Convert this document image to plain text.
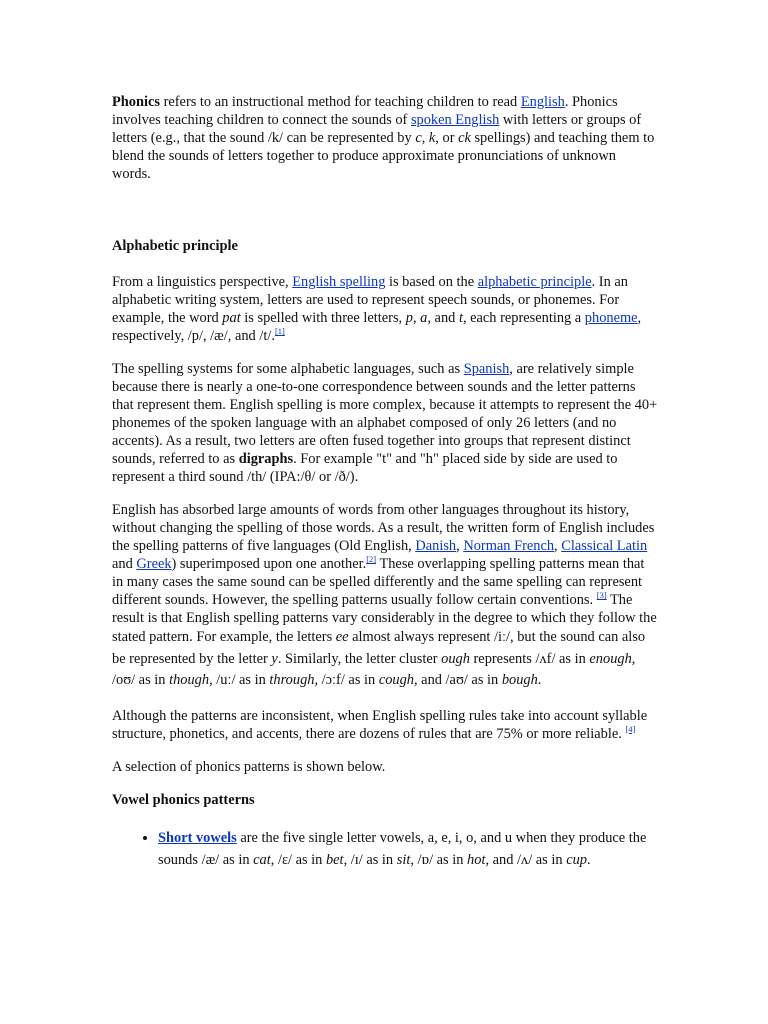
Phonics refers to an instructional method for teaching children to read English. Phonics involves teaching children to connect the sounds of spoken English with letters or groups of letters (e.g., that the sound /k/ can be represented by c, k, or ck spellings) and teaching them to blend the sounds of letters together to produce approximate pronunciations of unknown words.

Alphabetic principle

From a linguistics perspective, English spelling is based on the alphabetic principle. In an alphabetic writing system, letters are used to represent speech sounds, or phonemes. For example, the word pat is spelled with three letters, p, a, and t, each representing a phoneme, respectively, /p/, /æ/, and /t/.[1]

The spelling systems for some alphabetic languages, such as Spanish, are relatively simple because there is nearly a one-to-one correspondence between sounds and the letter patterns that represent them. English spelling is more complex, because it attempts to represent the 40+ phonemes of the spoken language with an alphabet composed of only 26 letters (and no accents). As a result, two letters are often fused together into groups that represent distinct sounds, referred to as digraphs. For example "t" and "h" placed side by side are used to represent a third sound /th/ (IPA:/θ/ or /ð/).

English has absorbed large amounts of words from other languages throughout its history, without changing the spelling of those words. As a result, the written form of English includes the spelling patterns of five languages (Old English, Danish, Norman French, Classical Latin and Greek) superimposed upon one another.[2] These overlapping spelling patterns mean that in many cases the same sound can be spelled differently and the same spelling can represent different sounds. However, the spelling patterns usually follow certain conventions. [3] The result is that English spelling patterns vary considerably in the degree to which they follow the stated pattern. For example, the letters ee almost always represent /iː/, but the sound can also be represented by the letter y. Similarly, the letter cluster ough represents /ʌf/ as in enough, /oʊ/ as in though, /uː/ as in through, /ɔːf/ as in cough, and /aʊ/ as in bough.

Although the patterns are inconsistent, when English spelling rules take into account syllable structure, phonetics, and accents, there are dozens of rules that are 75% or more reliable. [4]

A selection of phonics patterns is shown below.

Vowel phonics patterns
• Short vowels are the five single letter vowels, a, e, i, o, and u when they produce the sounds /æ/ as in cat, /ɛ/ as in bet, /ɪ/ as in sit, /ɒ/ as in hot, and /ʌ/ as in cup.
